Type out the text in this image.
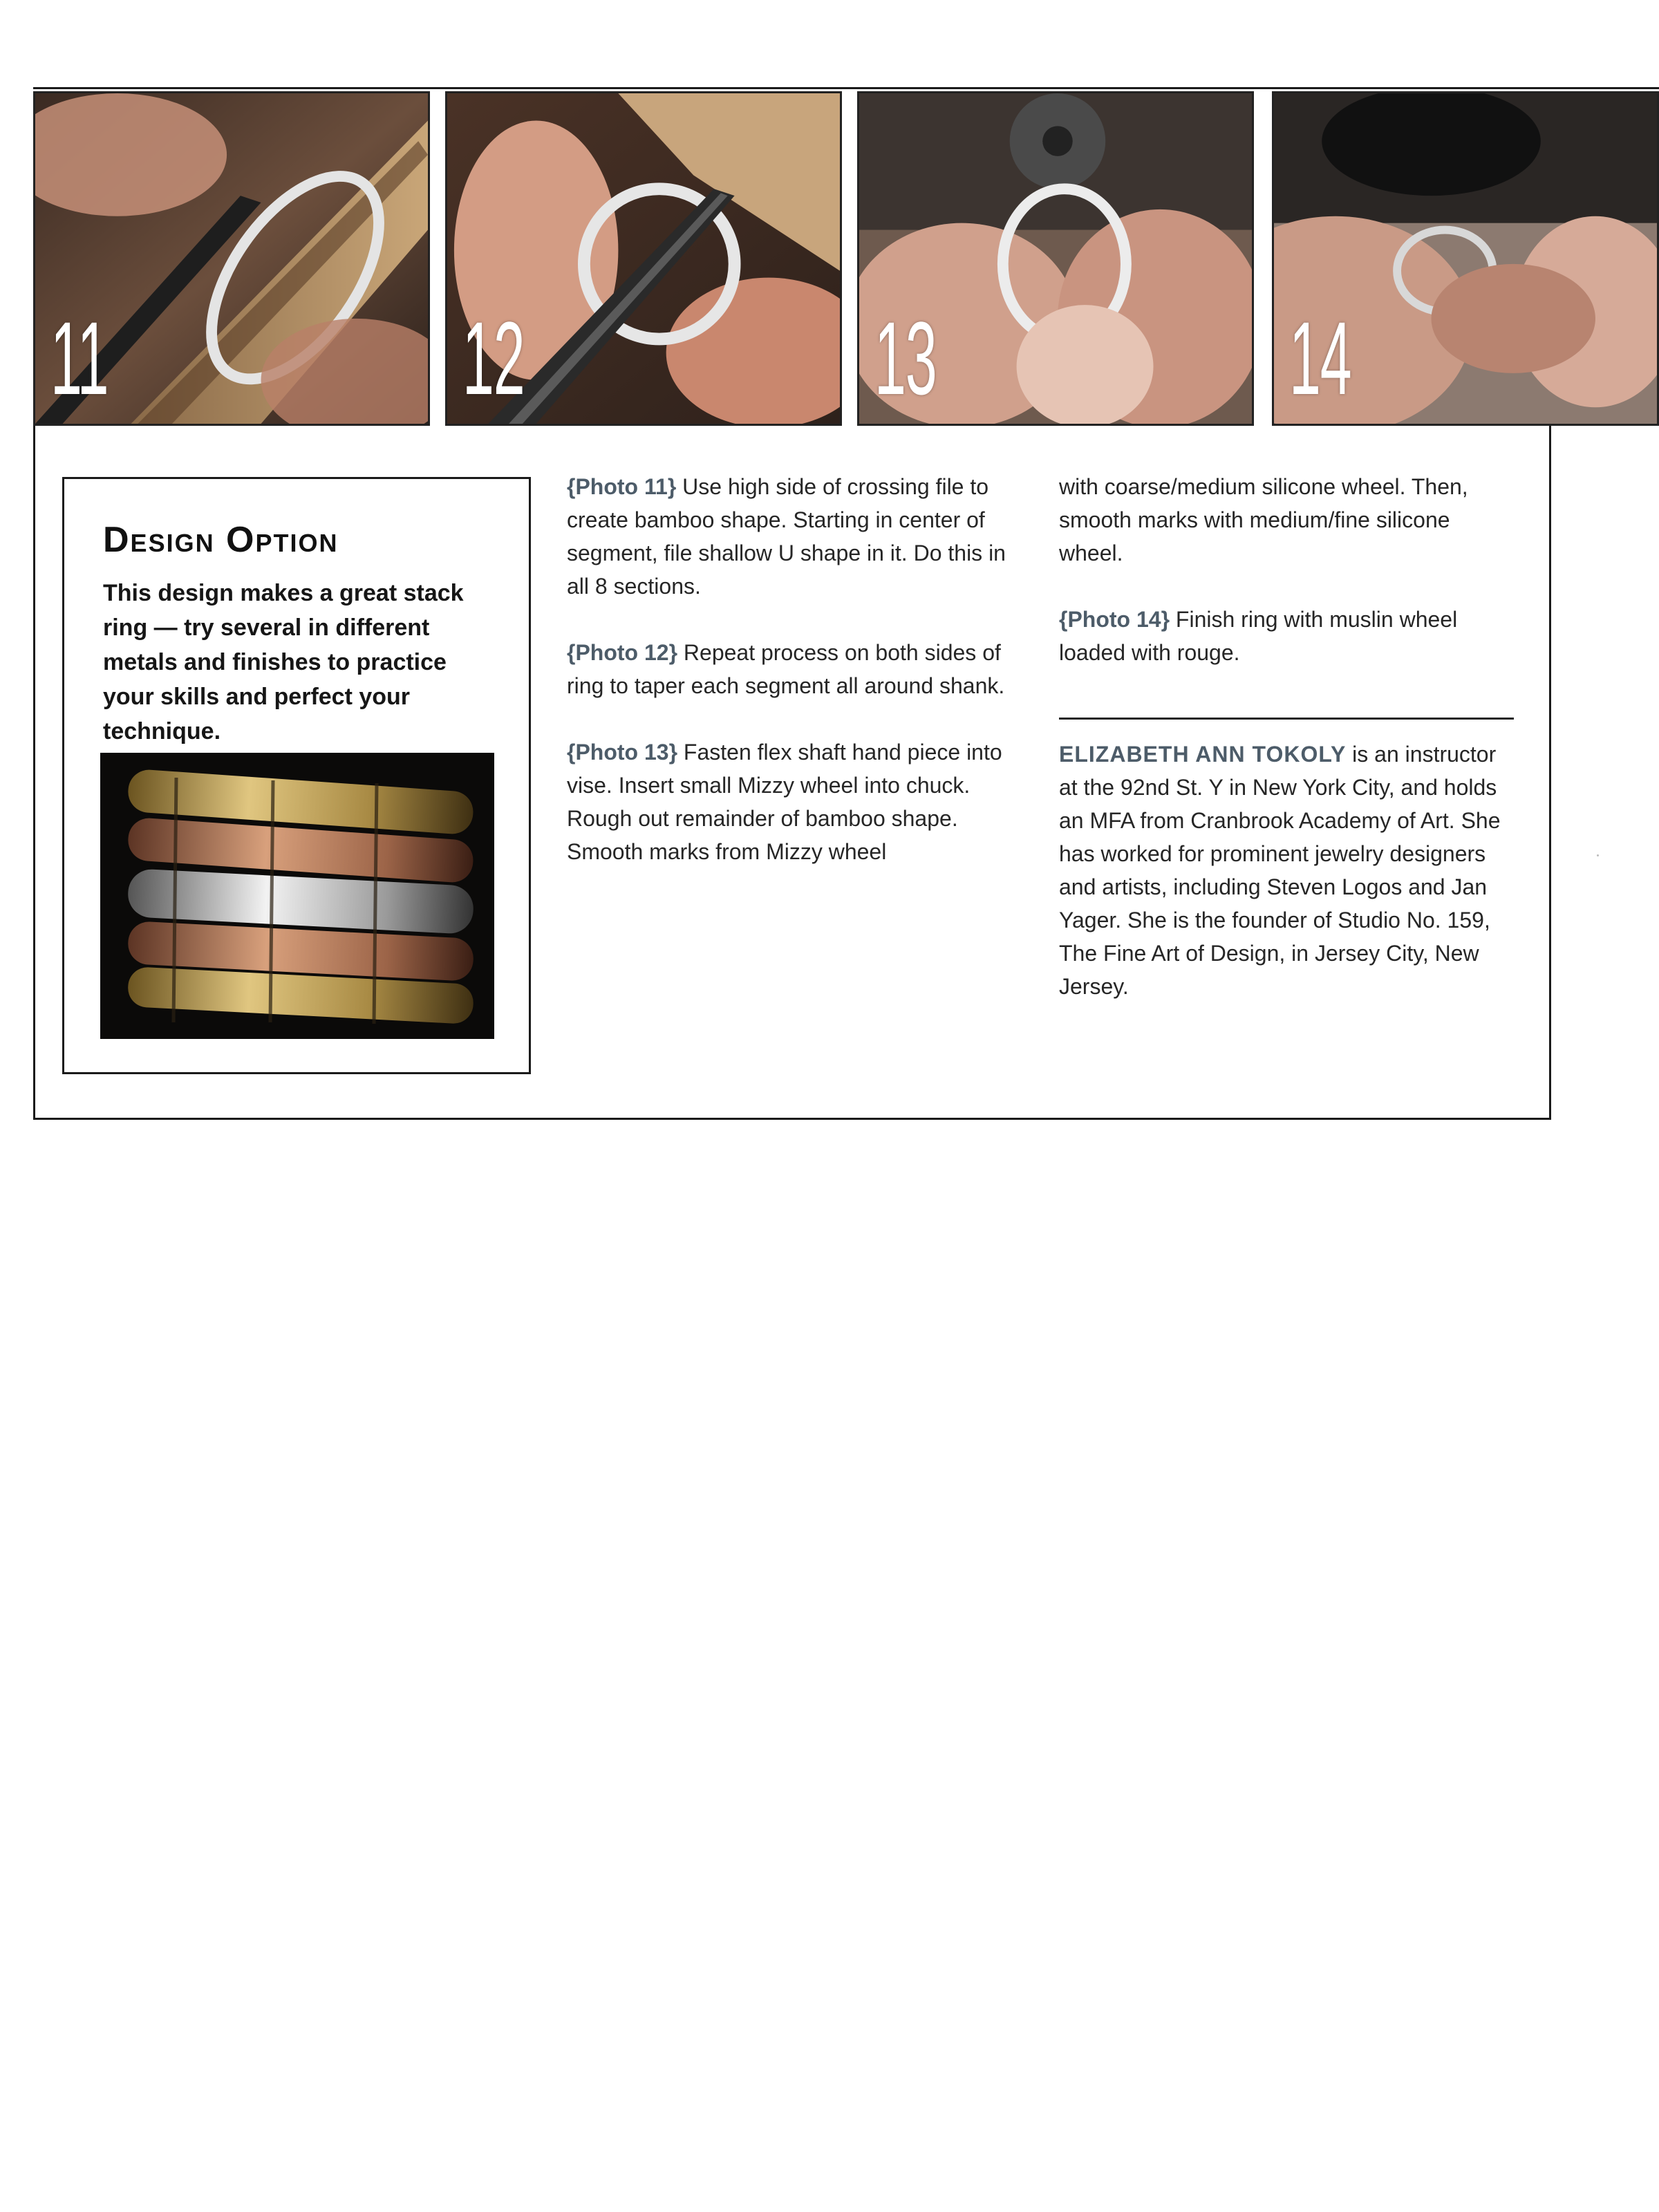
11	12	13	14
Design Option

This design makes a great stack ring — try several in different metals and finishes to practice your skills and perfect your technique.

{Photo 11} Use high side of crossing file to create bamboo shape. Starting in center of segment, file shallow U shape in it. Do this in all 8 sections.

{Photo 12} Repeat process on both sides of ring to taper each segment all around shank.

{Photo 13} Fasten flex shaft hand piece into vise. Insert small Mizzy wheel into chuck. Rough out remainder of bamboo shape. Smooth marks from Mizzy wheel

with coarse/medium silicone wheel. Then, smooth marks with medium/fine silicone wheel.

{Photo 14} Finish ring with muslin wheel loaded with rouge.

ELIZABETH ANN TOKOLY is an instructor at the 92nd St. Y in New York City, and holds an MFA from Cranbrook Academy of Art. She has worked for prominent jewelry designers and artists, including Steven Logos and Jan Yager. She is the founder of Studio No. 159, The Fine Art of Design, in Jersey City, New Jersey.
